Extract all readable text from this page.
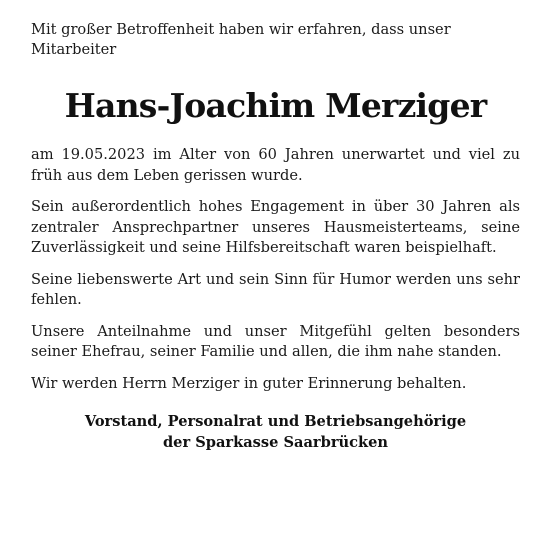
Mit großer Betroffenheit haben wir erfahren, dass unser Mitarbeiter

Hans-Joachim Merziger

am 19.05.2023 im Alter von 60 Jahren unerwartet und viel zu früh aus dem Leben gerissen wurde.

Sein außerordentlich hohes Engagement in über 30 Jahren als zentraler Ansprechpartner unseres Hausmeisterteams, seine Zuverlässigkeit und seine Hilfsbereitschaft waren beispielhaft.

Seine liebenswerte Art und sein Sinn für Humor werden uns sehr fehlen.

Unsere Anteilnahme und unser Mitgefühl gelten besonders seiner Ehefrau, seiner Familie und allen, die ihm nahe standen.

Wir werden Herrn Merziger in guter Erinnerung behalten.

Vorstand, Personalrat und Betriebsangehörige
der Sparkasse Saarbrücken
